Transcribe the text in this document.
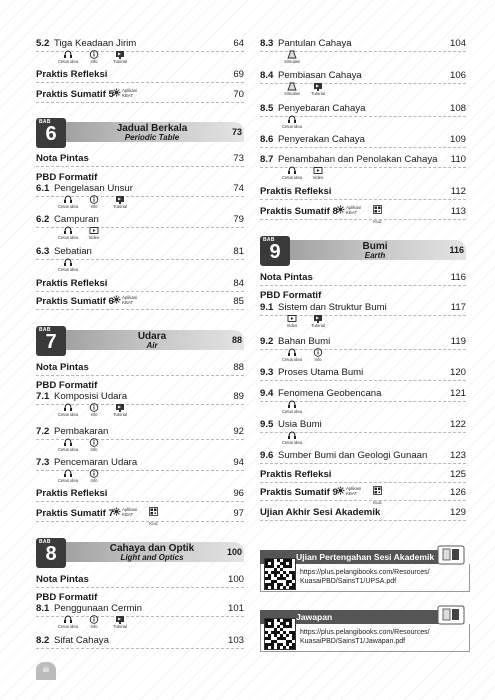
5.2 Tiga Keadaan Jirim	64
Cetus idea	Info	Tutorial
Praktis Refleksi	69
Praktis Sumatif 5	70
Aplikasi KBAT
BAB
6	Jadual Berkala
Periodic Table
73
Nota Pintas	73
PBD Formatif
6.1 Pengelasan Unsur	74
Cetus idea	Info	Tutorial
6.2 Campuran	79
Cetus idea	Video
6.3 Sebatian	81
Cetus idea
Praktis Refleksi	84
Praktis Sumatif 6	85
Aplikasi KBAT
BAB
7	Udara
Air
88
Nota Pintas	88
PBD Formatif
7.1 Komposisi Udara	89
Cetus idea	Info	Tutorial
7.2 Pembakaran	92
Cetus idea	Info
7.3 Pencemaran Udara	94
Cetus idea	Info
Praktis Refleksi	96
Praktis Sumatif 7	97
Aplikasi KBAT
Kuiz
BAB
8	Cahaya dan Optik
Light and Optics
100
Nota Pintas	100
PBD Formatif
8.1 Penggunaan Cermin	101
Cetus idea	Info	Tutorial
8.2 Sifat Cahaya	103
8.3 Pantulan Cahaya	104
Simulasi
8.4 Pembiasan Cahaya	106
Simulasi	Tutorial
8.5 Penyebaran Cahaya	108
Cetus idea
8.6 Penyerakan Cahaya	109
8.7 Penambahan dan Penolakan Cahaya 110
Cetus idea	Video
Praktis Refleksi	112
Praktis Sumatif 8	113
Aplikasi KBAT
Kuiz
BAB
9	Bumi
Earth
116
Nota Pintas	116
PBD Formatif
9.1 Sistem dan Struktur Bumi	117
Video	Tutorial
9.2 Bahan Bumi	119
Cetus idea	Info
9.3 Proses Utama Bumi	120
9.4 Fenomena Geobencana	121
Cetus idea
9.5 Usia Bumi	122
Cetus idea
9.6 Sumber Bumi dan Geologi Gunaan 123
Praktis Refleksi	125
Praktis Sumatif 9	126
Aplikasi KBAT
Kuiz
Ujian Akhir Sesi Akademik	129
Ujian Pertengahan Sesi Akademik
https://plus.pelangibooks.com/Resources/
KuasaiPBD/SainsT1/UPSA.pdf
Jawapan
https://plus.pelangibooks.com/Resources/
KuasaiPBD/SainsT1/Jawapan.pdf
iii
